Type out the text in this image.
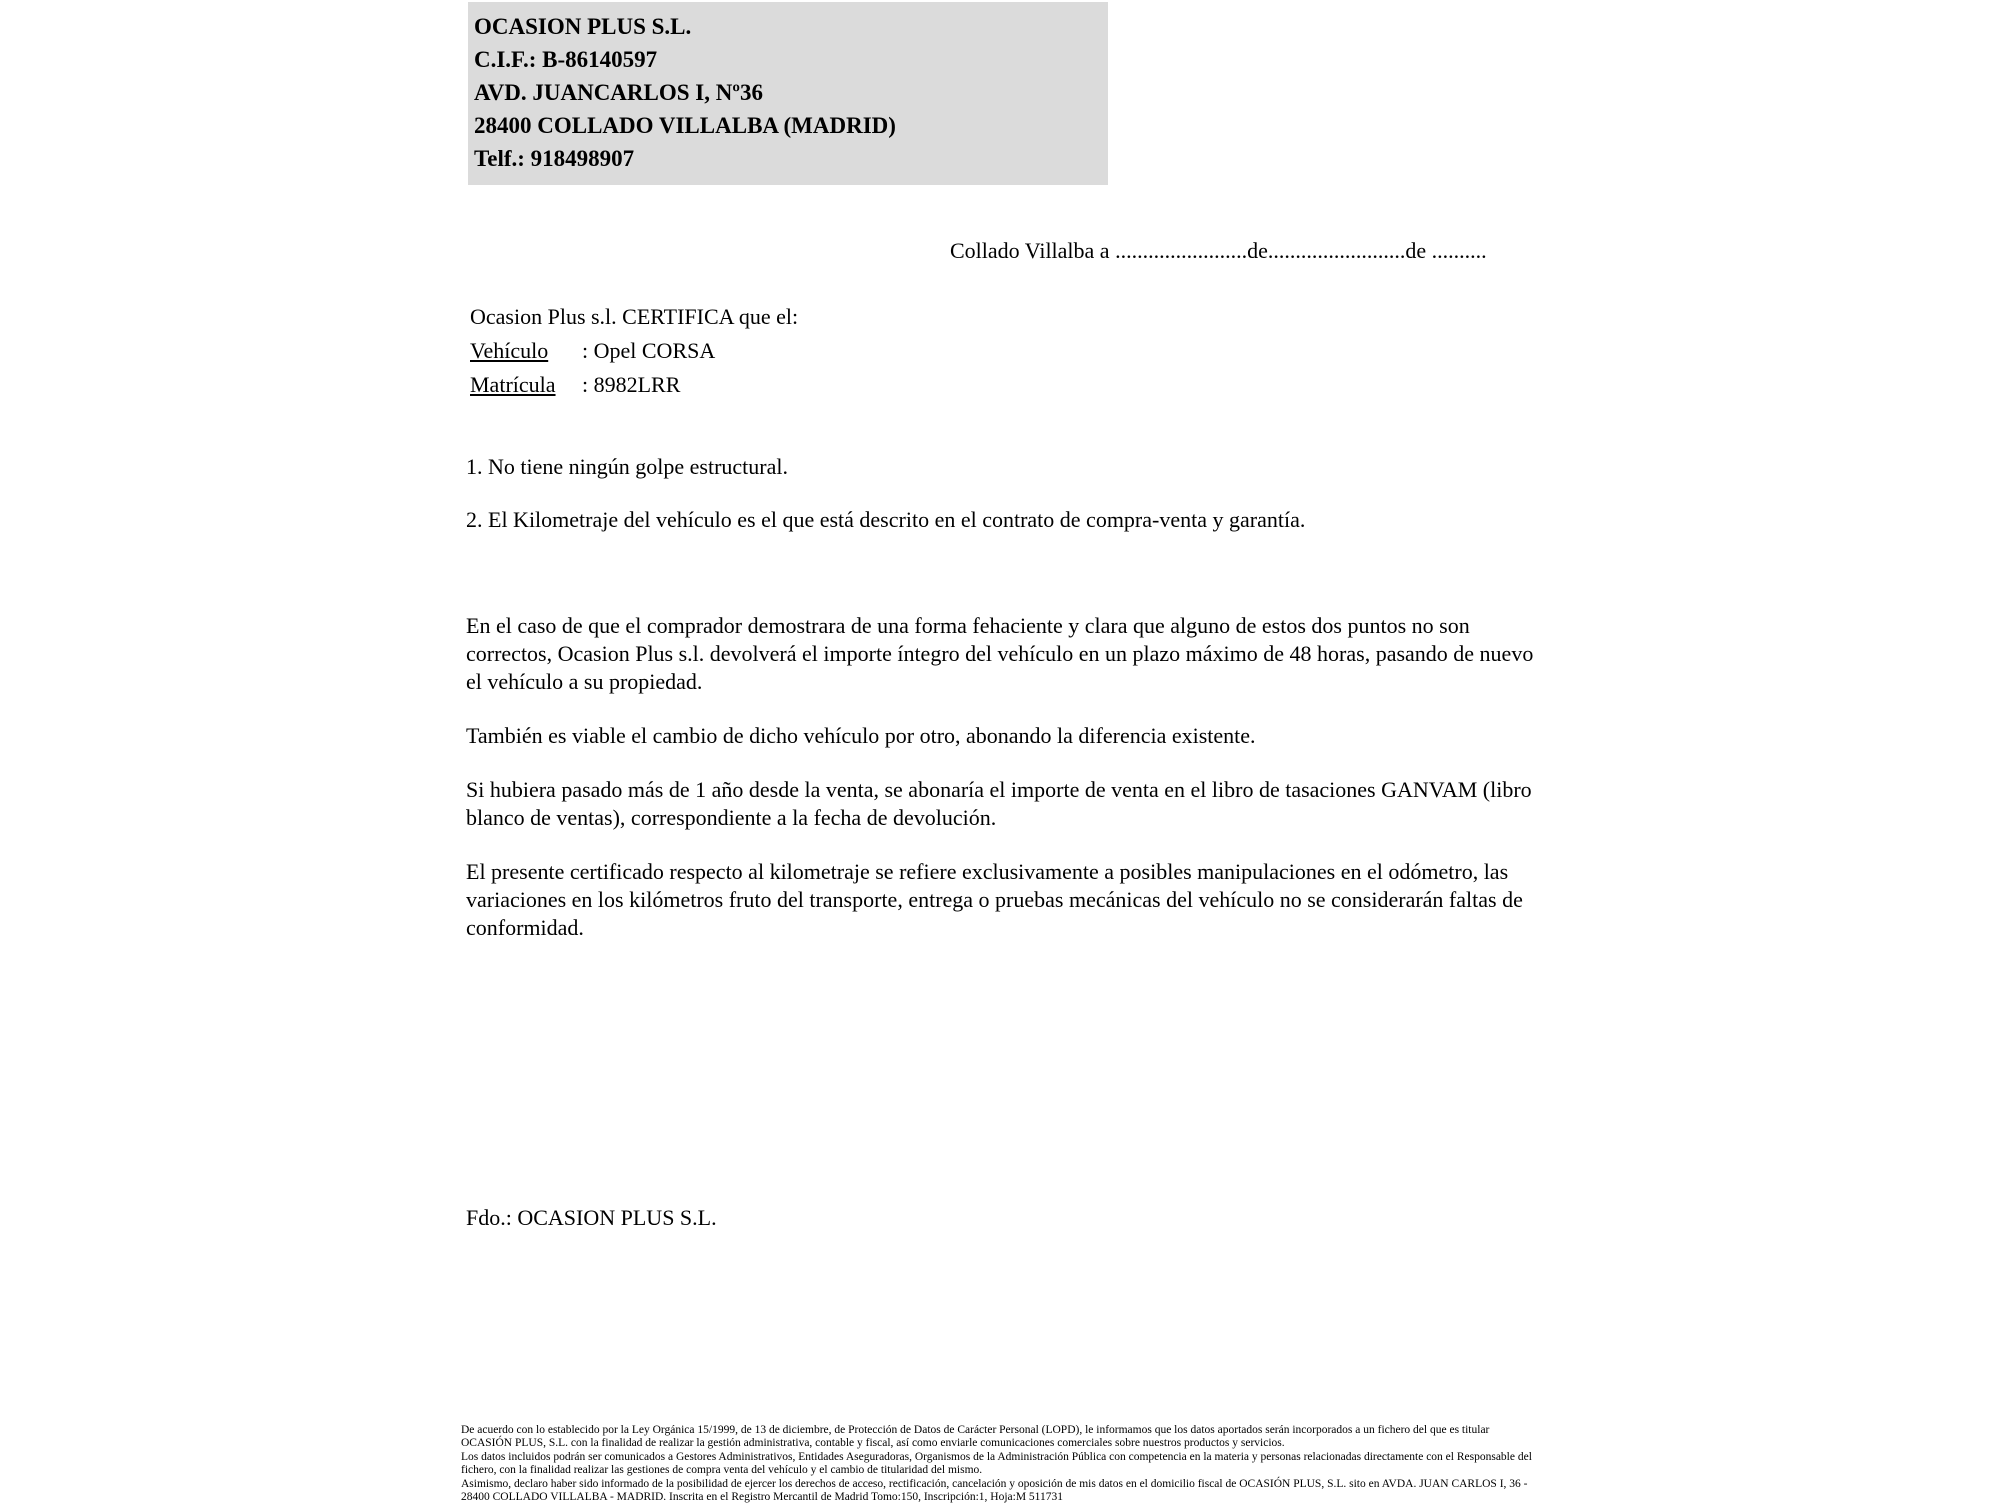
OCASION PLUS S.L.
C.I.F.: B-86140597
AVD. JUANCARLOS I, Nº36
28400 COLLADO VILLALBA (MADRID)
Telf.: 918498907
Collado Villalba a ........................de.........................de ..........
Ocasion Plus s.l. CERTIFICA que el:
Vehículo : Opel CORSA
Matrícula : 8982LRR

1. No tiene ningún golpe estructural.

2. El Kilometraje del vehículo es el que está descrito en el contrato de compra-venta y garantía.

En el caso de que el comprador demostrara de una forma fehaciente y clara que alguno de estos dos puntos no son correctos, Ocasion Plus s.l. devolverá el importe íntegro del vehículo en un plazo máximo de 48 horas, pasando de nuevo el vehículo a su propiedad.

También es viable el cambio de dicho vehículo por otro, abonando la diferencia existente.

Si hubiera pasado más de 1 año desde la venta, se abonaría el importe de venta en el libro de tasaciones GANVAM (libro blanco de ventas), correspondiente a la fecha de devolución.

El presente certificado respecto al kilometraje se refiere exclusivamente a posibles manipulaciones en el odómetro, las variaciones en los kilómetros fruto del transporte, entrega o pruebas mecánicas del vehículo no se considerarán faltas de conformidad.

Fdo.: OCASION PLUS S.L.

De acuerdo con lo establecido por la Ley Orgánica 15/1999, de 13 de diciembre, de Protección de Datos de Carácter Personal (LOPD), le informamos que los datos aportados serán incorporados a un fichero del que es titular OCASIÓN PLUS, S.L. con la finalidad de realizar la gestión administrativa, contable y fiscal, así como enviarle comunicaciones comerciales sobre nuestros productos y servicios.

Los datos incluidos podrán ser comunicados a Gestores Administrativos, Entidades Aseguradoras, Organismos de la Administración Pública con competencia en la materia y personas relacionadas directamente con el Responsable del fichero, con la finalidad realizar las gestiones de compra venta del vehículo y el cambio de titularidad del mismo.

Asimismo, declaro haber sido informado de la posibilidad de ejercer los derechos de acceso, rectificación, cancelación y oposición de mis datos en el domicilio fiscal de OCASIÓN PLUS, S.L. sito en AVDA. JUAN CARLOS I, 36 - 28400 COLLADO VILLALBA - MADRID. Inscrita en el Registro Mercantil de Madrid Tomo:150, Inscripción:1, Hoja:M 511731
